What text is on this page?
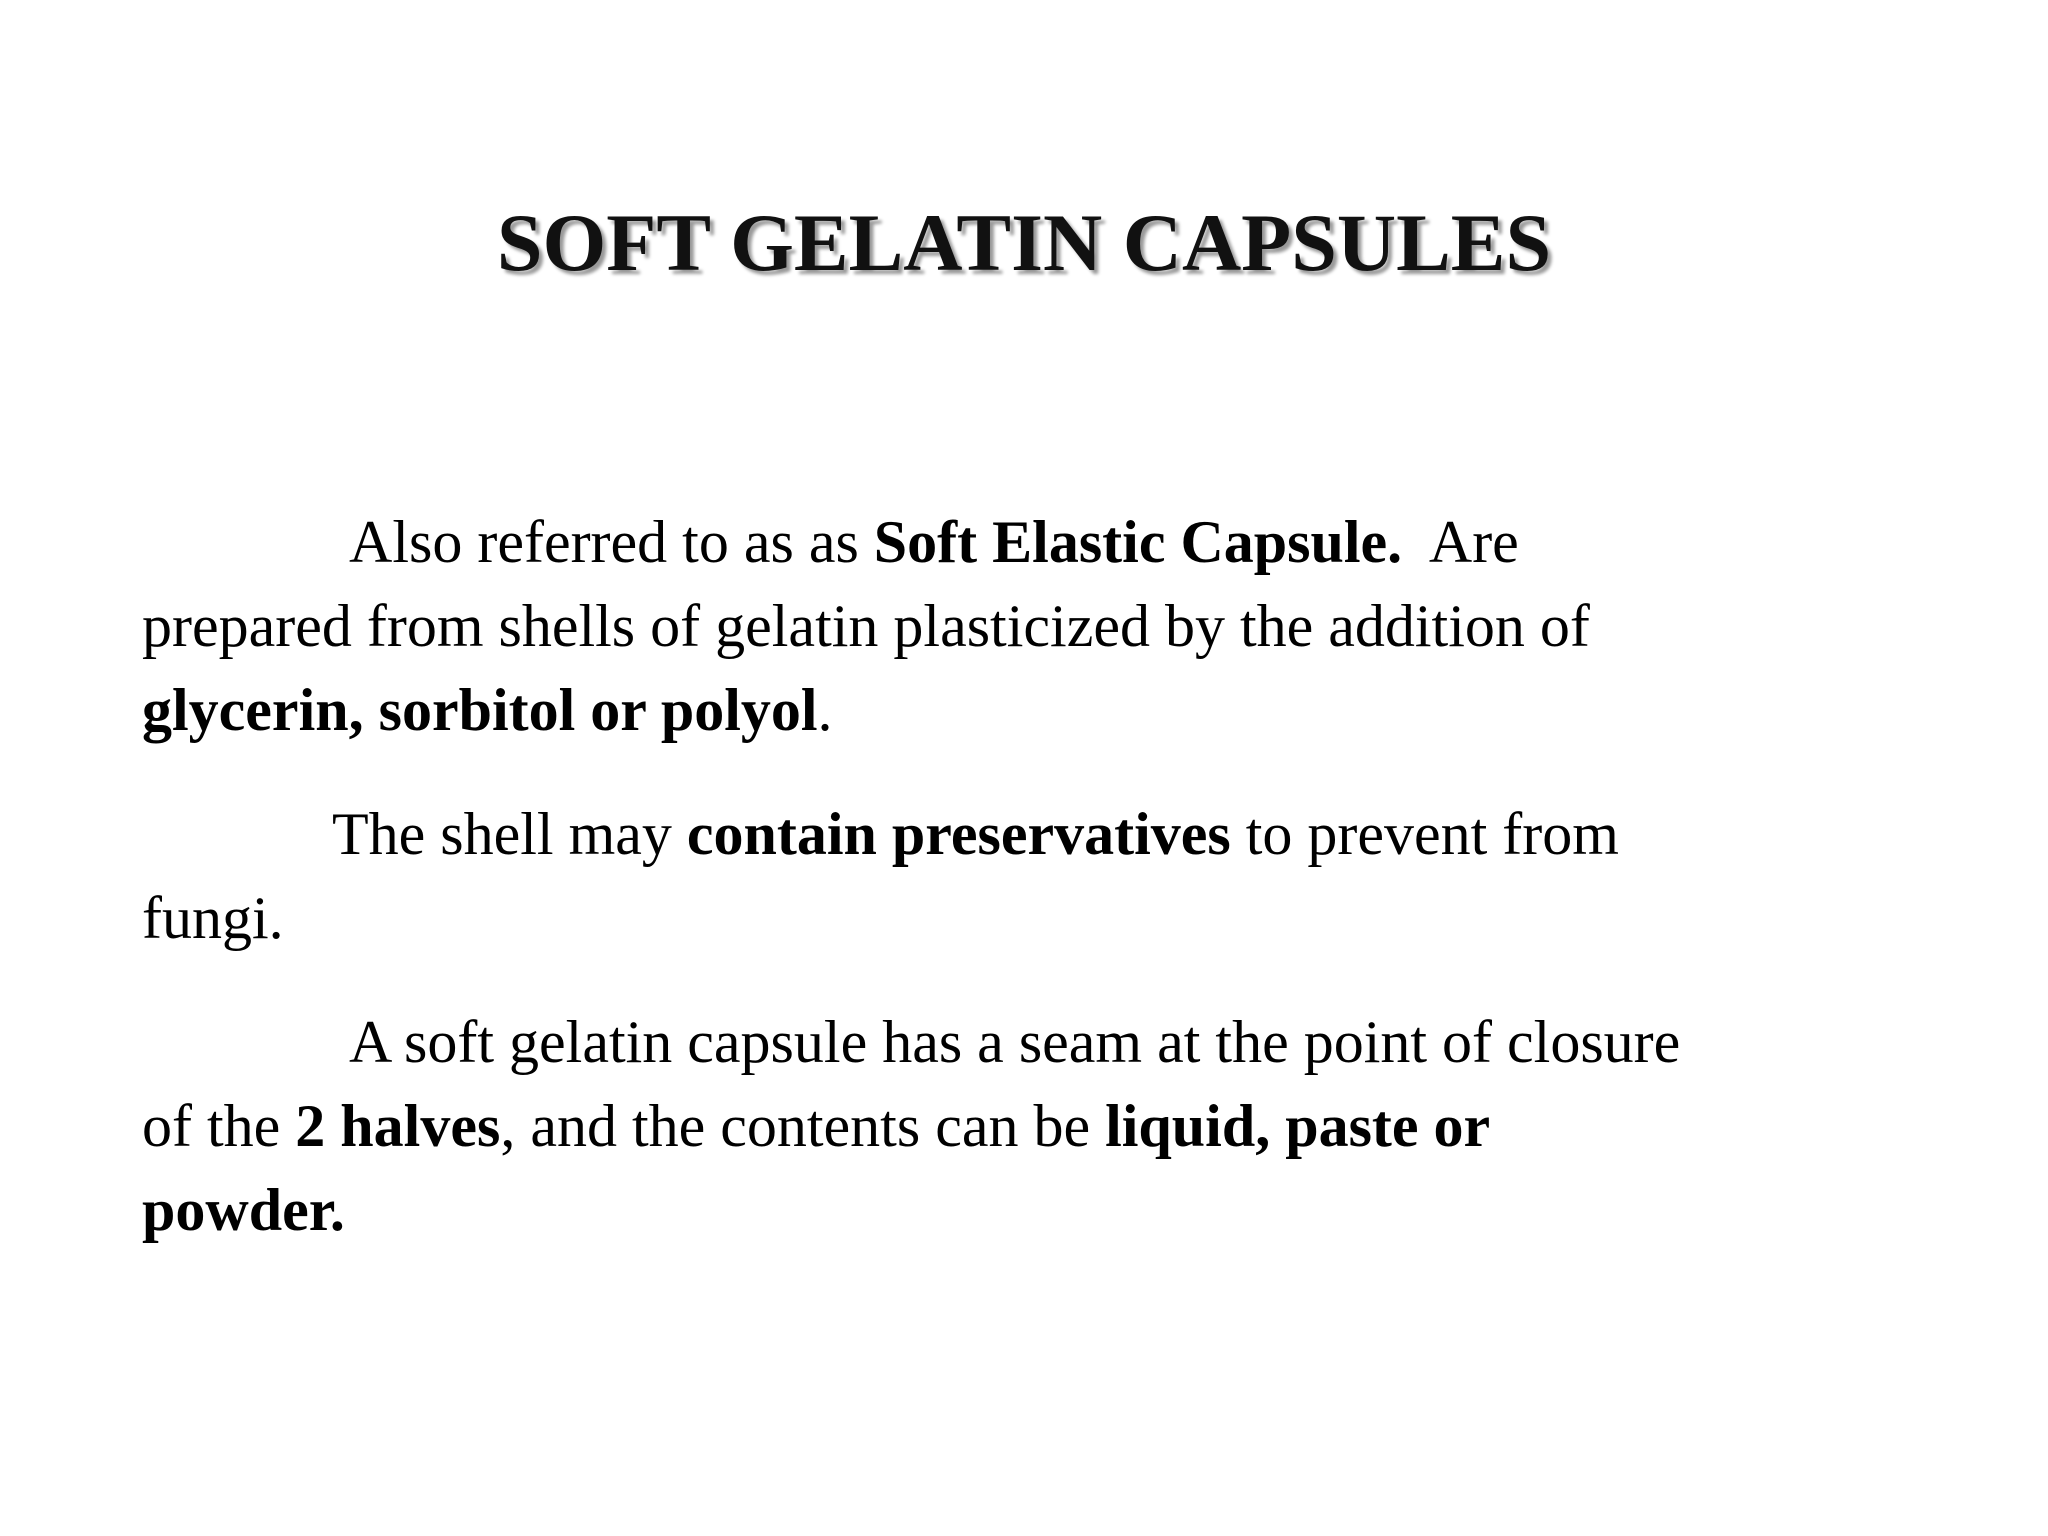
SOFT GELATIN CAPSULES

Also referred to as as Soft Elastic Capsule.  Are
prepared from shells of gelatin plasticized by the addition of
glycerin, sorbitol or polyol.

The shell may contain preservatives to prevent from
fungi.

A soft gelatin capsule has a seam at the point of closure
of the 2 halves, and the contents can be liquid, paste or
powder.
